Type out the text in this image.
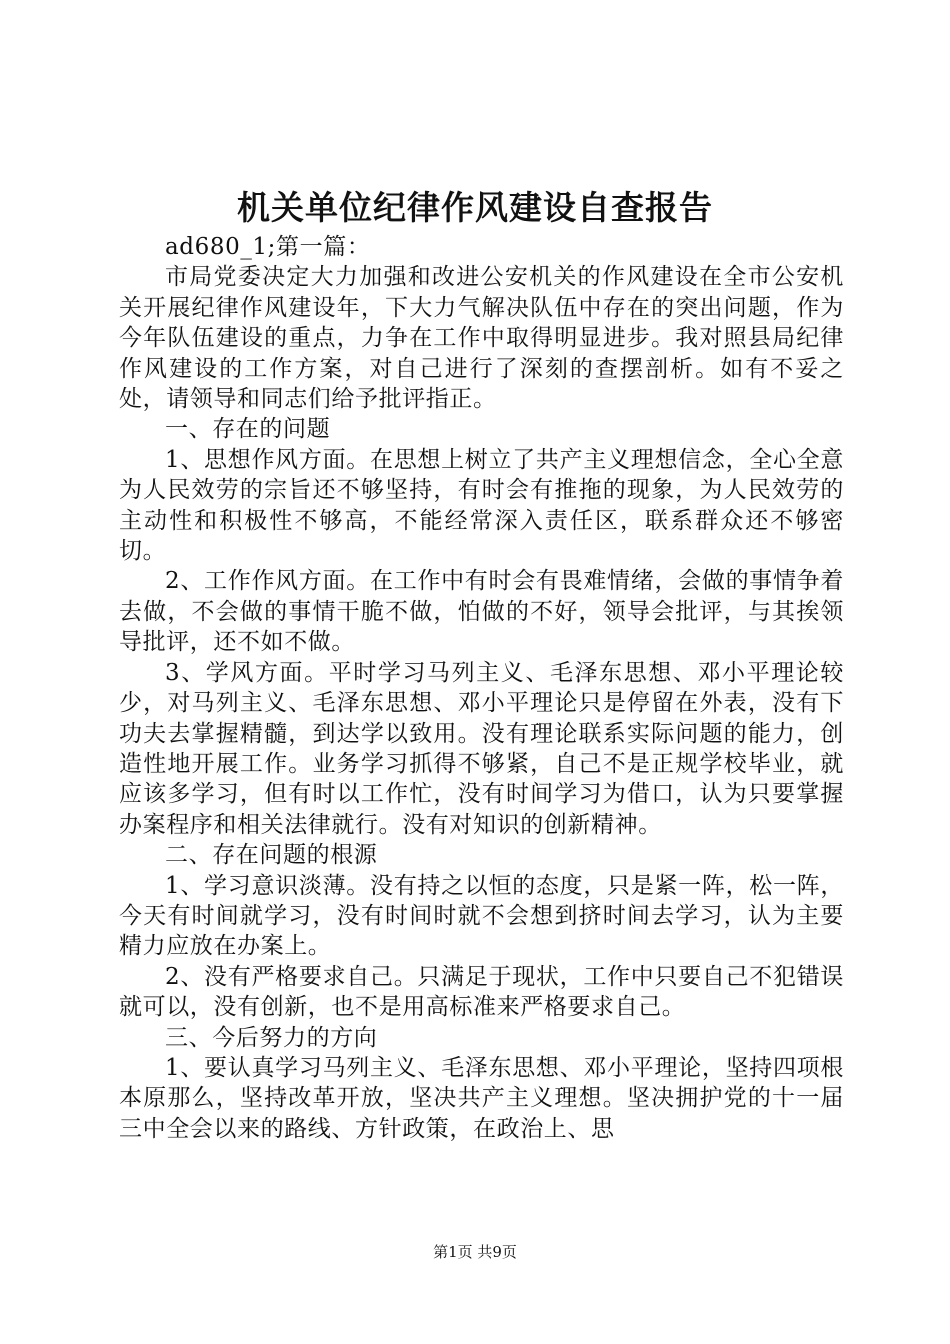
机关单位纪律作风建设自查报告

ad680_1;第一篇：

市局党委决定大力加强和改进公安机关的作风建设在全市公安机关开展纪律作风建设年，下大力气解决队伍中存在的突出问题，作为今年队伍建设的重点，力争在工作中取得明显进步。我对照县局纪律作风建设的工作方案，对自己进行了深刻的查摆剖析。如有不妥之处，请领导和同志们给予批评指正。

一、存在的问题

1、思想作风方面。在思想上树立了共产主义理想信念，全心全意为人民效劳的宗旨还不够坚持，有时会有推拖的现象，为人民效劳的主动性和积极性不够高，不能经常深入责任区，联系群众还不够密切。

2、工作作风方面。在工作中有时会有畏难情绪，会做的事情争着去做，不会做的事情干脆不做，怕做的不好，领导会批评，与其挨领导批评，还不如不做。

3、学风方面。平时学习马列主义、毛泽东思想、邓小平理论较少，对马列主义、毛泽东思想、邓小平理论只是停留在外表，没有下功夫去掌握精髓，到达学以致用。没有理论联系实际问题的能力，创造性地开展工作。业务学习抓得不够紧，自己不是正规学校毕业，就应该多学习，但有时以工作忙，没有时间学习为借口，认为只要掌握办案程序和相关法律就行。没有对知识的创新精神。

二、存在问题的根源

1、学习意识淡薄。没有持之以恒的态度，只是紧一阵，松一阵，今天有时间就学习，没有时间时就不会想到挤时间去学习，认为主要精力应放在办案上。

2、没有严格要求自己。只满足于现状，工作中只要自己不犯错误就可以，没有创新，也不是用高标准来严格要求自己。

三、今后努力的方向

1、要认真学习马列主义、毛泽东思想、邓小平理论，坚持四项根本原那么，坚持改革开放，坚决共产主义理想。坚决拥护党的十一届三中全会以来的路线、方针政策，在政治上、思

第1页 共9页
